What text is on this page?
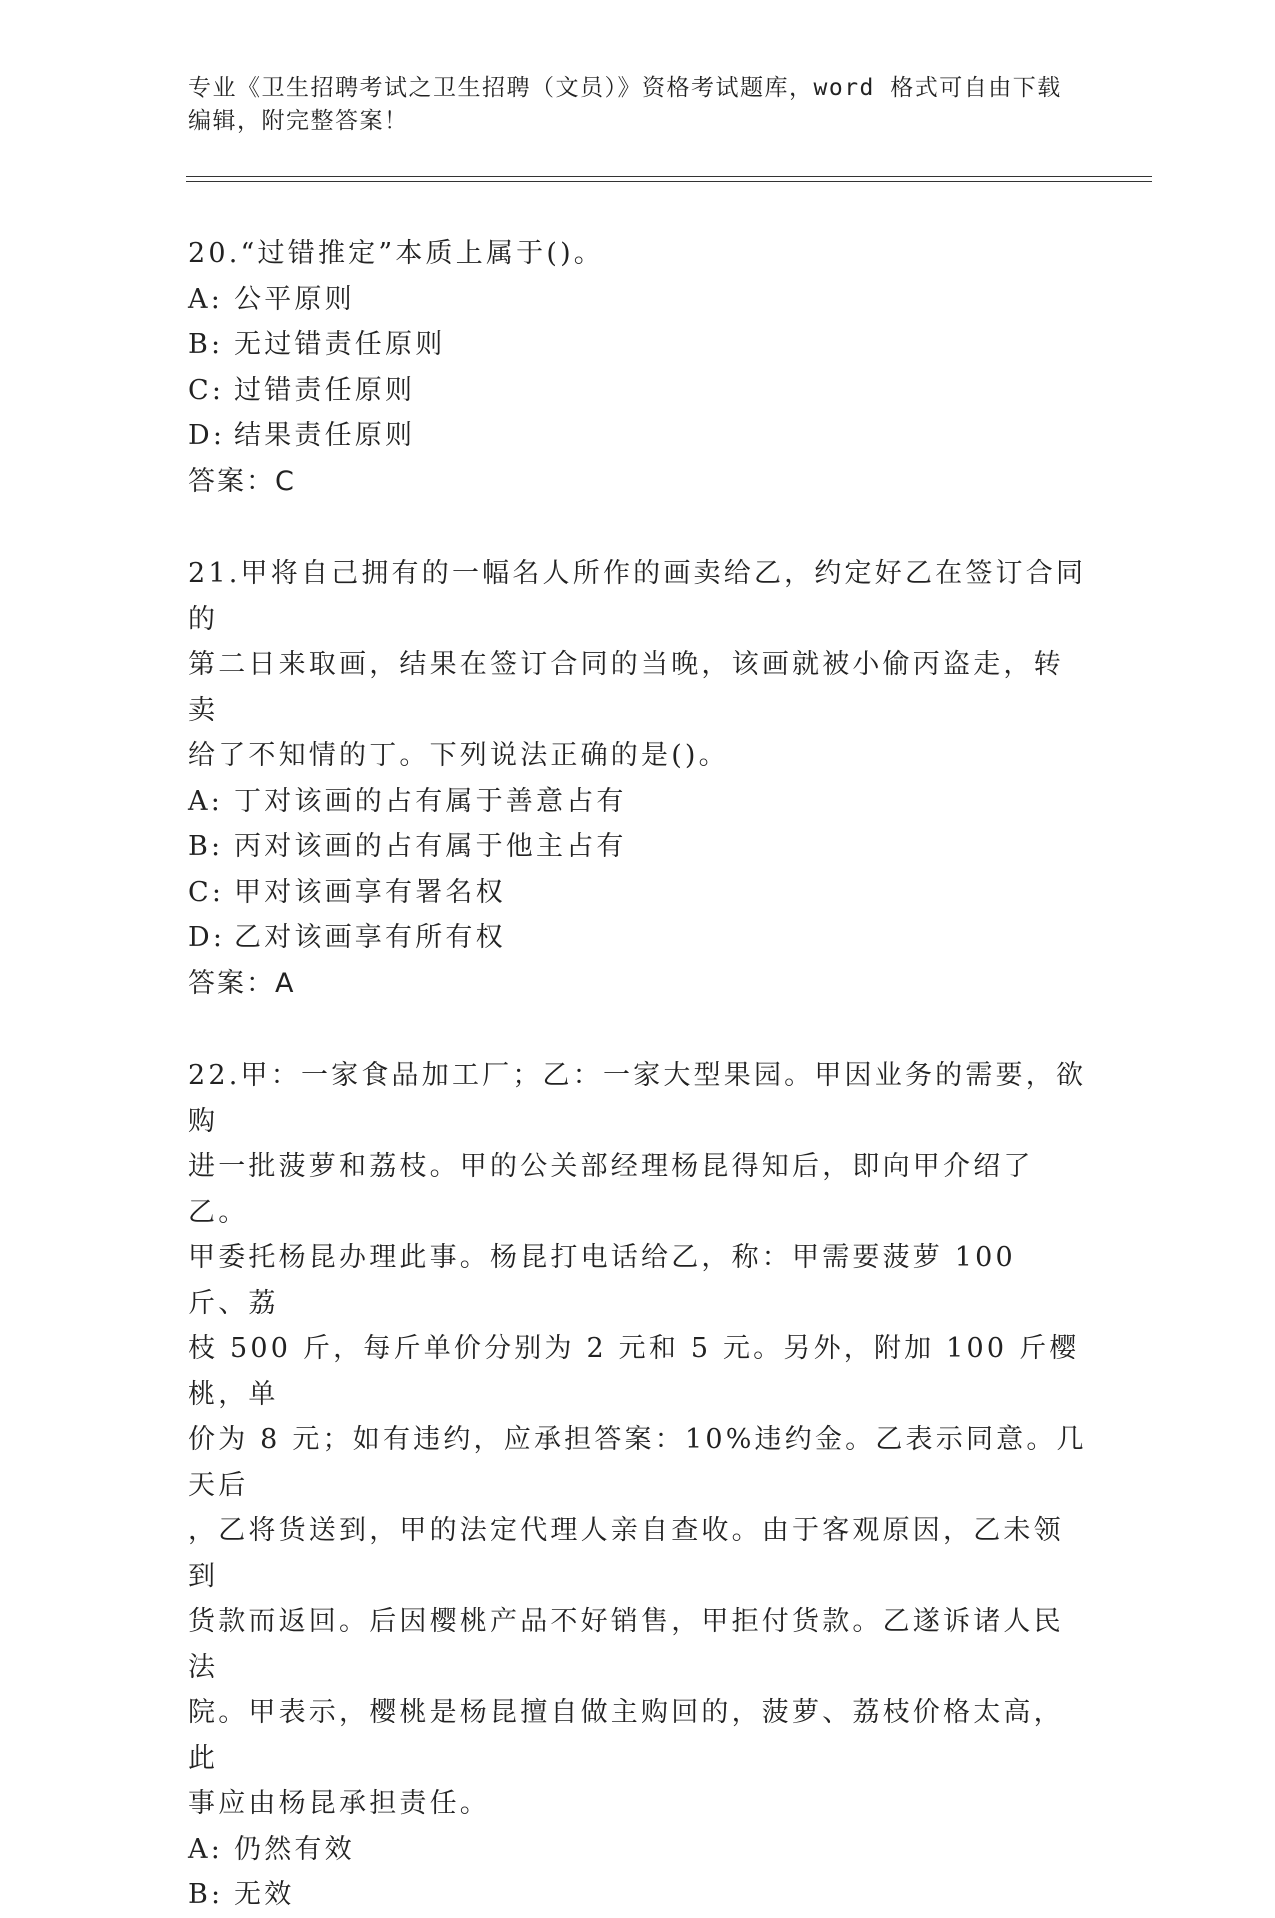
专业《卫生招聘考试之卫生招聘（文员）》资格考试题库，word 格式可自由下载
编辑，附完整答案！

20.“过错推定”本质上属于()。

A: 公平原则

B: 无过错责任原则

C: 过错责任原则

D: 结果责任原则

答案：C

21.甲将自己拥有的一幅名人所作的画卖给乙，约定好乙在签订合同的

第二日来取画，结果在签订合同的当晚，该画就被小偷丙盗走，转卖

给了不知情的丁。下列说法正确的是()。

A: 丁对该画的占有属于善意占有

B: 丙对该画的占有属于他主占有

C: 甲对该画享有署名权

D: 乙对该画享有所有权

答案：A

22.甲：一家食品加工厂；乙：一家大型果园。甲因业务的需要，欲购

进一批菠萝和荔枝。甲的公关部经理杨昆得知后，即向甲介绍了乙。

甲委托杨昆办理此事。杨昆打电话给乙，称：甲需要菠萝 100 斤、荔

枝 500 斤，每斤单价分别为 2 元和 5 元。另外，附加 100 斤樱桃，单

价为 8 元；如有违约，应承担答案：10%违约金。乙表示同意。几天后

，乙将货送到，甲的法定代理人亲自查收。由于客观原因，乙未领到

货款而返回。后因樱桃产品不好销售，甲拒付货款。乙遂诉诸人民法

院。甲表示，樱桃是杨昆擅自做主购回的，菠萝、荔枝价格太高，此

事应由杨昆承担责任。

A: 仍然有效

B: 无效
